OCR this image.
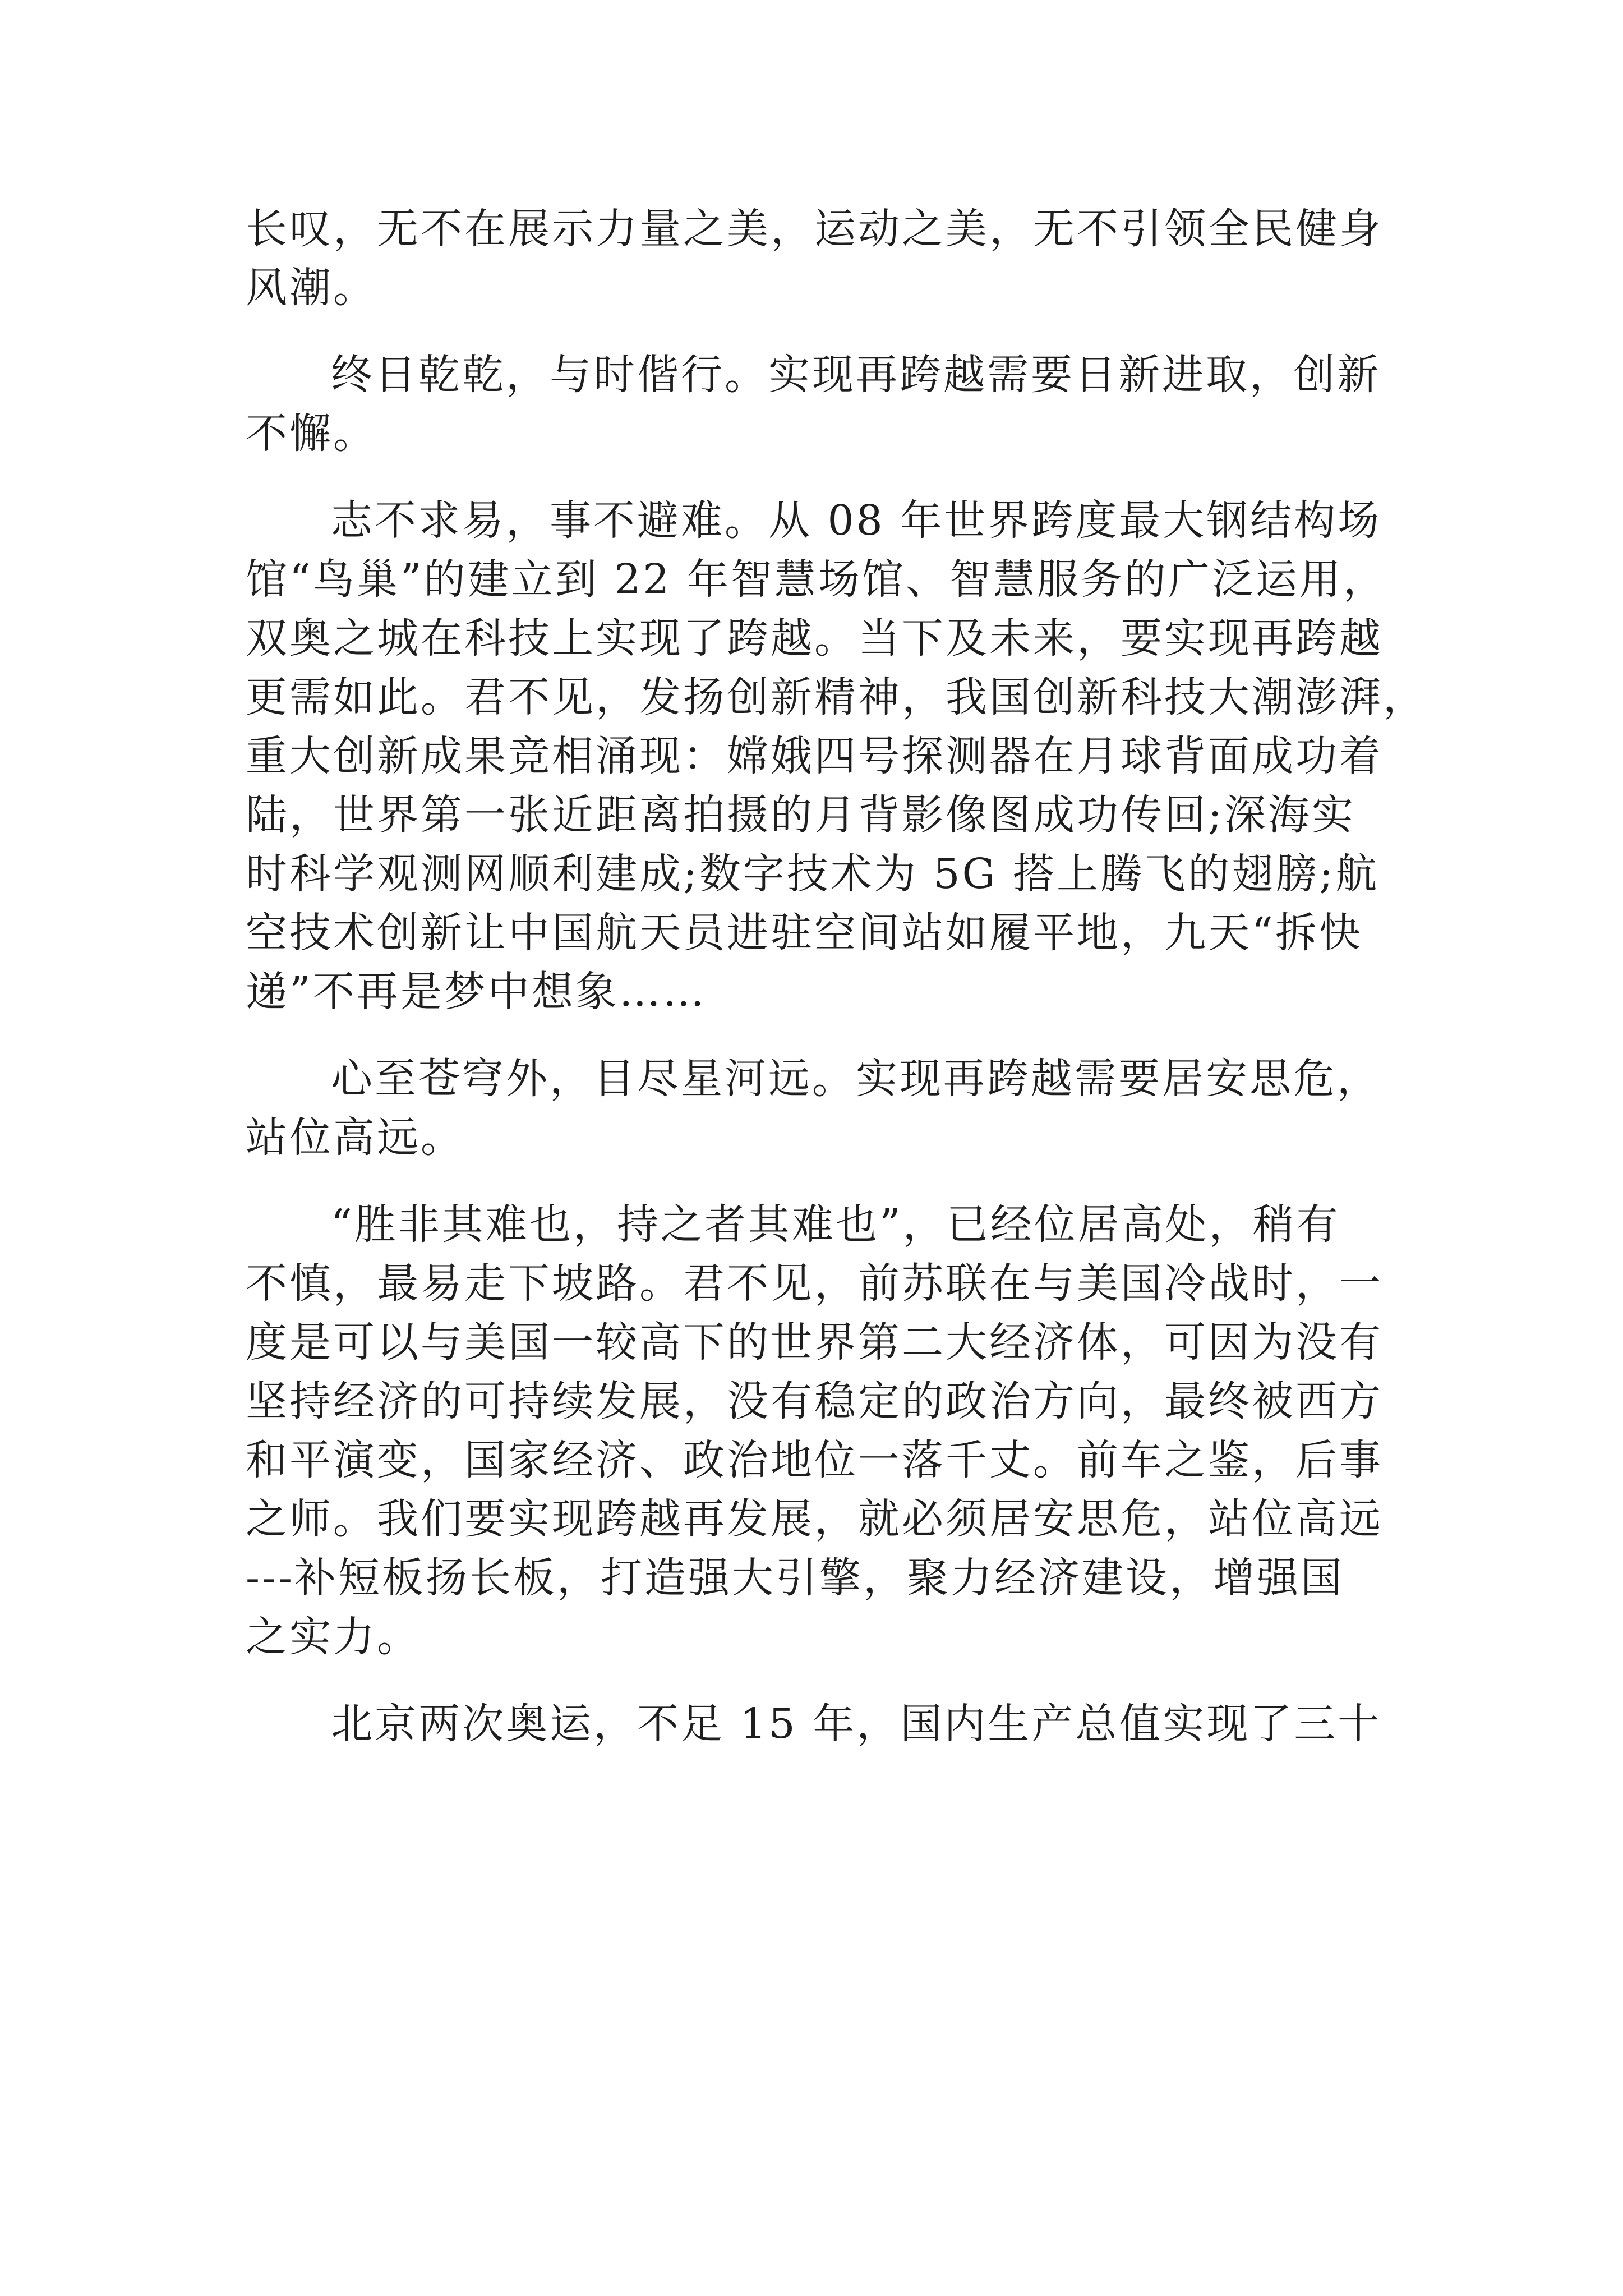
长叹，无不在展示力量之美，运动之美，无不引领全民健身
风潮。
终日乾乾，与时偕行。实现再跨越需要日新进取，创新
不懈。
志不求易，事不避难。从 08 年世界跨度最大钢结构场
馆“鸟巢”的建立到 22 年智慧场馆、智慧服务的广泛运用，
双奥之城在科技上实现了跨越。当下及未来，要实现再跨越
更需如此。君不见，发扬创新精神，我国创新科技大潮澎湃，
重大创新成果竞相涌现：嫦娥四号探测器在月球背面成功着
陆，世界第一张近距离拍摄的月背影像图成功传回;深海实
时科学观测网顺利建成;数字技术为 5G 搭上腾飞的翅膀;航
空技术创新让中国航天员进驻空间站如履平地，九天“拆快
递”不再是梦中想象……
心至苍穹外，目尽星河远。实现再跨越需要居安思危，
站位高远。
“胜非其难也，持之者其难也”，已经位居高处，稍有
不慎，最易走下坡路。君不见，前苏联在与美国冷战时，一
度是可以与美国一较高下的世界第二大经济体，可因为没有
坚持经济的可持续发展，没有稳定的政治方向，最终被西方
和平演变，国家经济、政治地位一落千丈。前车之鉴，后事
之师。我们要实现跨越再发展，就必须居安思危，站位高远
---补短板扬长板，打造强大引擎，聚力经济建设，增强国
之实力。
北京两次奥运，不足 15 年，国内生产总值实现了三十
